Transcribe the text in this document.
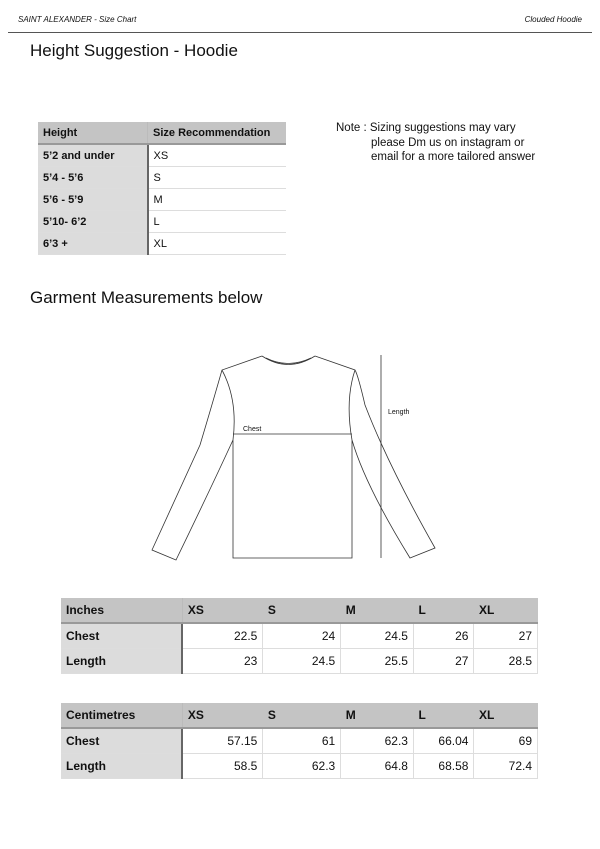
SAINT ALEXANDER - Size Chart	Clouded Hoodie
Height Suggestion - Hoodie
Height	Size Recommendation
5’2 and under	XS
5’4 - 5’6	S
5’6 - 5’9	M
5’10- 6’2	L
6’3 +	XL
Note : Sizing suggestions may vary
please Dm us on instagram or
email for a more tailored answer
Garment Measurements below
Chest
Length
Inches	XS	S	M	L	XL
Chest	22.5	24	24.5	26	27
Length	23	24.5	25.5	27	28.5
Centimetres	XS	S	M	L	XL
Chest	57.15	61	62.3	66.04	69
Length	58.5	62.3	64.8	68.58	72.4
